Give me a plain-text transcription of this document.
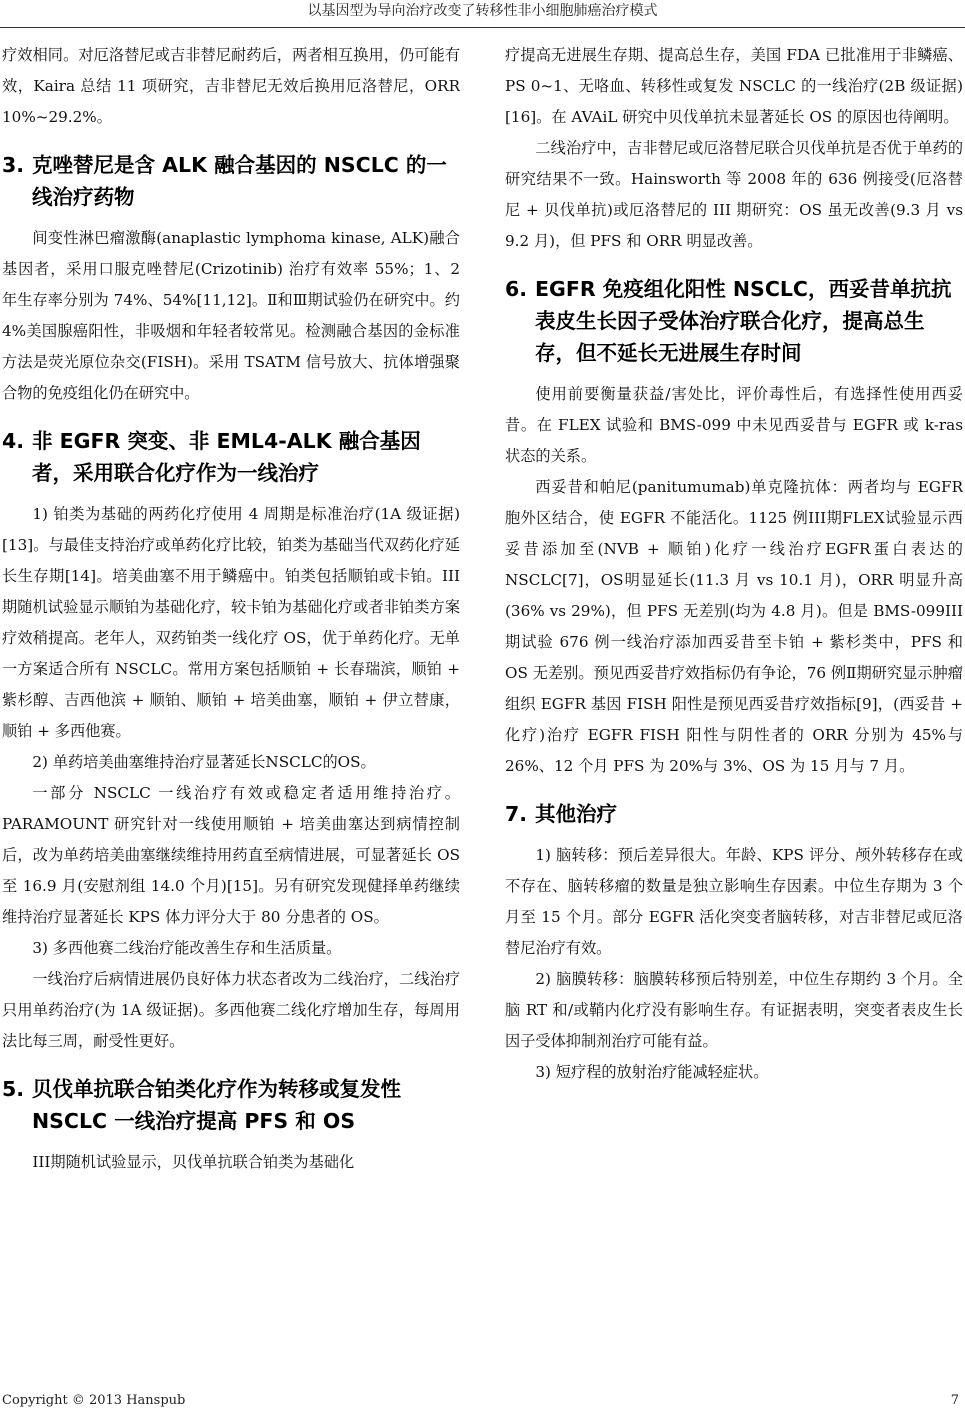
以基因型为导向治疗改变了转移性非小细胞肺癌治疗模式

疗效相同。对厄洛替尼或吉非替尼耐药后，两者相互换用，仍可能有效，Kaira 总结 11 项研究，吉非替尼无效后换用厄洛替尼，ORR 10%~29.2%。

3. 克唑替尼是含 ALK 融合基因的 NSCLC 的一线治疗药物

间变性淋巴瘤激酶(anaplastic lymphoma kinase, ALK)融合基因者，采用口服克唑替尼(Crizotinib) 治疗有效率 55%；1、2 年生存率分别为 74%、54%[11,12]。Ⅱ和Ⅲ期试验仍在研究中。约 4%美国腺癌阳性，非吸烟和年轻者较常见。检测融合基因的金标准方法是荧光原位杂交(FISH)。采用 TSATM 信号放大、抗体增强聚合物的免疫组化仍在研究中。

4. 非 EGFR 突变、非 EML4-ALK 融合基因者，采用联合化疗作为一线治疗

1) 铂类为基础的两药化疗使用 4 周期是标准治疗(1A 级证据)[13]。与最佳支持治疗或单药化疗比较，铂类为基础当代双药化疗延长生存期[14]。培美曲塞不用于鳞癌中。铂类包括顺铂或卡铂。III期随机试验显示顺铂为基础化疗，较卡铂为基础化疗或者非铂类方案疗效稍提高。老年人，双药铂类一线化疗 OS，优于单药化疗。无单一方案适合所有 NSCLC。常用方案包括顺铂 + 长春瑞滨，顺铂 + 紫杉醇、吉西他滨 + 顺铂、顺铂 + 培美曲塞，顺铂 + 伊立替康，顺铂 + 多西他赛。

2) 单药培美曲塞维持治疗显著延长NSCLC的OS。

一部分 NSCLC 一线治疗有效或稳定者适用维持治疗。PARAMOUNT 研究针对一线使用顺铂 + 培美曲塞达到病情控制后，改为单药培美曲塞继续维持用药直至病情进展，可显著延长 OS 至 16.9 月(安慰剂组 14.0 个月)[15]。另有研究发现健择单药继续维持治疗显著延长 KPS 体力评分大于 80 分患者的 OS。

3) 多西他赛二线治疗能改善生存和生活质量。

一线治疗后病情进展仍良好体力状态者改为二线治疗，二线治疗只用单药治疗(为 1A 级证据)。多西他赛二线化疗增加生存，每周用法比每三周，耐受性更好。

5. 贝伐单抗联合铂类化疗作为转移或复发性 NSCLC 一线治疗提高 PFS 和 OS

III期随机试验显示，贝伐单抗联合铂类为基础化

疗提高无进展生存期、提高总生存，美国 FDA 已批准用于非鳞癌、PS 0~1、无咯血、转移性或复发 NSCLC 的一线治疗(2B 级证据)[16]。在 AVAiL 研究中贝伐单抗未显著延长 OS 的原因也待阐明。

二线治疗中，吉非替尼或厄洛替尼联合贝伐单抗是否优于单药的研究结果不一致。Hainsworth 等 2008 年的 636 例接受(厄洛替尼 + 贝伐单抗)或厄洛替尼的 III 期研究：OS 虽无改善(9.3 月 vs 9.2 月)，但 PFS 和 ORR 明显改善。

6. EGFR 免疫组化阳性 NSCLC，西妥昔单抗抗表皮生长因子受体治疗联合化疗，提高总生存，但不延长无进展生存时间

使用前要衡量获益/害处比，评价毒性后，有选择性使用西妥昔。在 FLEX 试验和 BMS-099 中未见西妥昔与 EGFR 或 k-ras 状态的关系。

西妥昔和帕尼(panitumumab)单克隆抗体：两者均与 EGFR 胞外区结合，使 EGFR 不能活化。1125 例III期FLEX试验显示西妥昔添加至(NVB + 顺铂)化疗一线治疗EGFR蛋白表达的NSCLC[7]，OS明显延长(11.3 月 vs 10.1 月)，ORR 明显升高(36% vs 29%)，但 PFS 无差别(均为 4.8 月)。但是 BMS-099III期试验 676 例一线治疗添加西妥昔至卡铂 + 紫杉类中，PFS 和 OS 无差别。预见西妥昔疗效指标仍有争论，76 例Ⅱ期研究显示肿瘤组织 EGFR 基因 FISH 阳性是预见西妥昔疗效指标[9]，(西妥昔 + 化疗)治疗 EGFR FISH 阳性与阴性者的 ORR 分别为 45%与 26%、12 个月 PFS 为 20%与 3%、OS 为 15 月与 7 月。

7. 其他治疗

1) 脑转移：预后差异很大。年龄、KPS 评分、颅外转移存在或不存在、脑转移瘤的数量是独立影响生存因素。中位生存期为 3 个月至 15 个月。部分 EGFR 活化突变者脑转移，对吉非替尼或厄洛替尼治疗有效。

2) 脑膜转移：脑膜转移预后特别差，中位生存期约 3 个月。全脑 RT 和/或鞘内化疗没有影响生存。有证据表明，突变者表皮生长因子受体抑制剂治疗可能有益。

3) 短疗程的放射治疗能减轻症状。

Copyright © 2013 Hanspub	7
